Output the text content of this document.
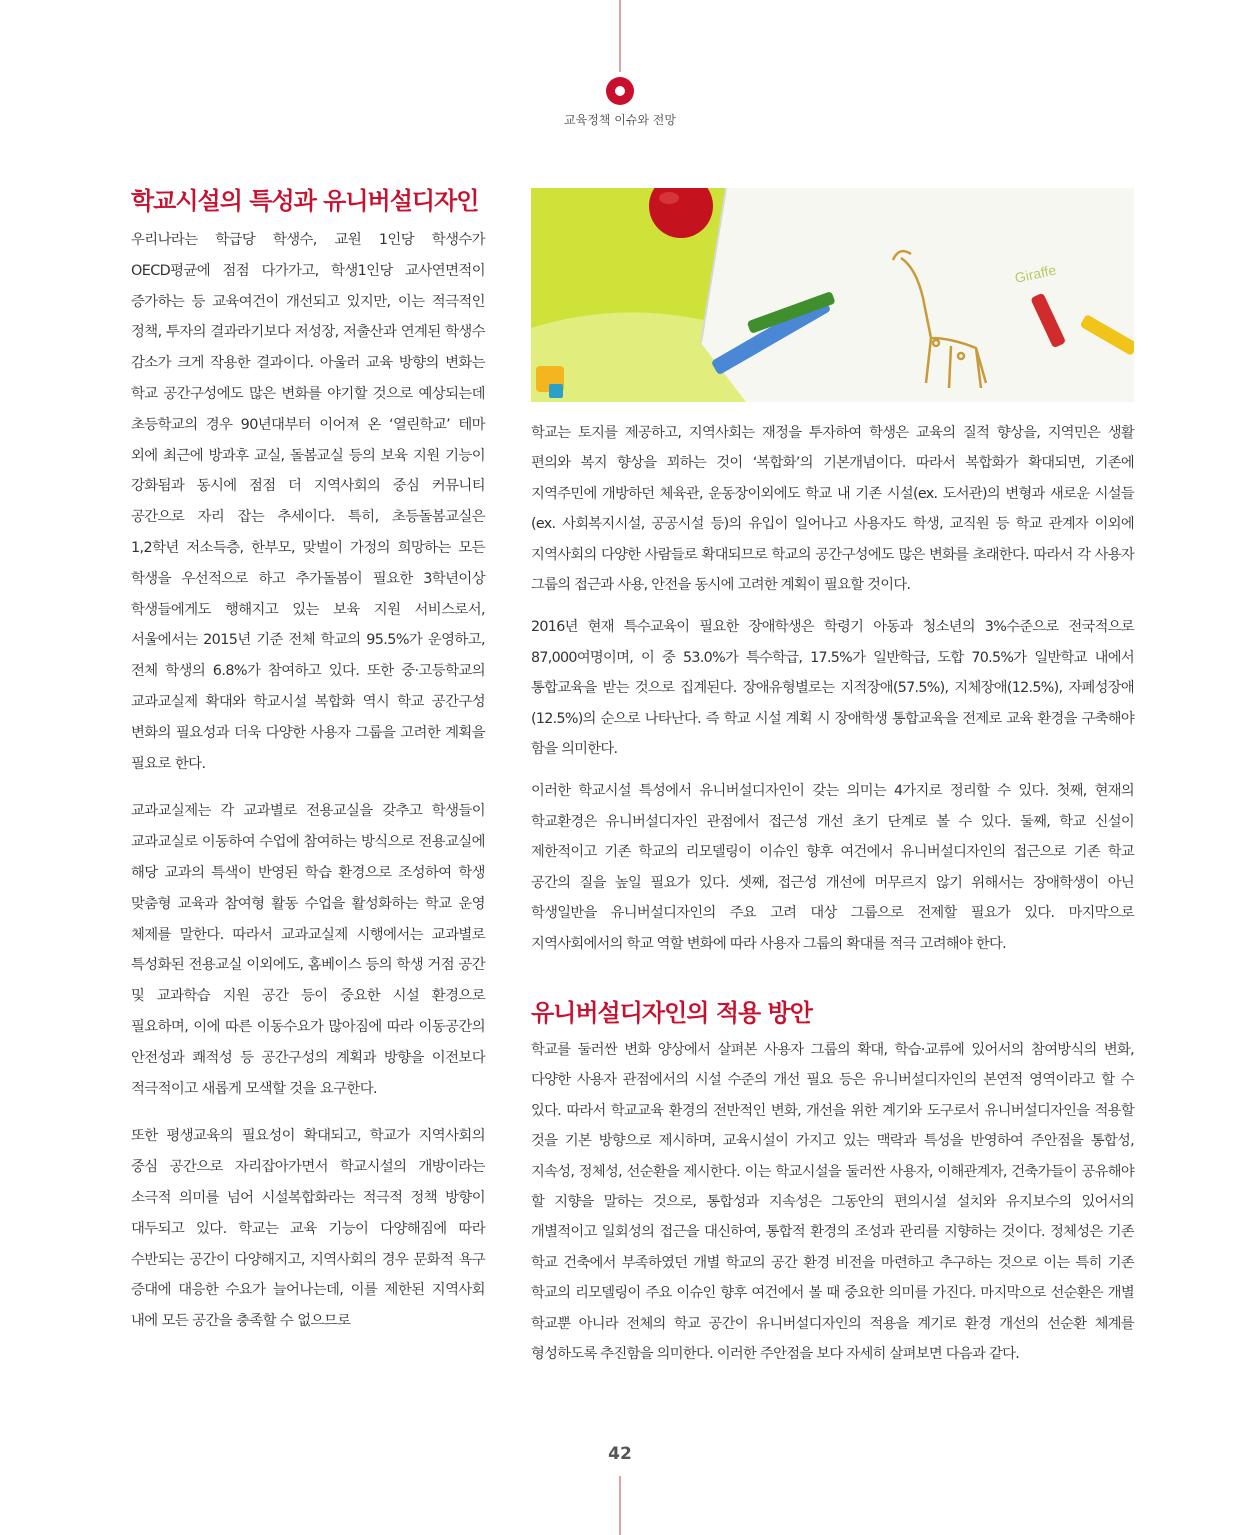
교육정책 이슈와 전망
학교시설의 특성과 유니버설디자인

우리나라는 학급당 학생수, 교원 1인당 학생수가 OECD평균에 점점 다가가고, 학생1인당 교사연면적이 증가하는 등 교육여건이 개선되고 있지만, 이는 적극적인 정책, 투자의 결과라기보다 저성장, 저출산과 연계된 학생수 감소가 크게 작용한 결과이다. 아울러 교육 방향의 변화는 학교 공간구성에도 많은 변화를 야기할 것으로 예상되는데 초등학교의 경우 90년대부터 이어져 온 ‘열린학교’ 테마 외에 최근에 방과후 교실, 돌봄교실 등의 보육 지원 기능이 강화됨과 동시에 점점 더 지역사회의 중심 커뮤니티 공간으로 자리 잡는 추세이다. 특히, 초등돌봄교실은 1,2학년 저소득층, 한부모, 맞벌이 가정의 희망하는 모든 학생을 우선적으로 하고 추가돌봄이 필요한 3학년이상 학생들에게도 행해지고 있는 보육 지원 서비스로서, 서울에서는 2015년 기준 전체 학교의 95.5%가 운영하고, 전체 학생의 6.8%가 참여하고 있다. 또한 중·고등학교의 교과교실제 확대와 학교시설 복합화 역시 학교 공간구성 변화의 필요성과 더욱 다양한 사용자 그룹을 고려한 계획을 필요로 한다.

교과교실제는 각 교과별로 전용교실을 갖추고 학생들이 교과교실로 이동하여 수업에 참여하는 방식으로 전용교실에 해당 교과의 특색이 반영된 학습 환경으로 조성하여 학생 맞춤형 교육과 참여형 활동 수업을 활성화하는 학교 운영 체제를 말한다. 따라서 교과교실제 시행에서는 교과별로 특성화된 전용교실 이외에도, 홈베이스 등의 학생 거점 공간 및 교과학습 지원 공간 등이 중요한 시설 환경으로 필요하며, 이에 따른 이동수요가 많아짐에 따라 이동공간의 안전성과 쾌적성 등 공간구성의 계획과 방향을 이전보다 적극적이고 새롭게 모색할 것을 요구한다.

또한 평생교육의 필요성이 확대되고, 학교가 지역사회의 중심 공간으로 자리잡아가면서 학교시설의 개방이라는 소극적 의미를 넘어 시설복합화라는 적극적 정책 방향이 대두되고 있다. 학교는 교육 기능이 다양해짐에 따라 수반되는 공간이 다양해지고, 지역사회의 경우 문화적 욕구 증대에 대응한 수요가 늘어나는데, 이를 제한된 지역사회 내에 모든 공간을 충족할 수 없으므로

Giraffe

학교는 토지를 제공하고, 지역사회는 재정을 투자하여 학생은 교육의 질적 향상을, 지역민은 생활 편의와 복지 향상을 꾀하는 것이 ‘복합화’의 기본개념이다. 따라서 복합화가 확대되면, 기존에 지역주민에 개방하던 체육관, 운동장이외에도 학교 내 기존 시설(ex. 도서관)의 변형과 새로운 시설들(ex. 사회복지시설, 공공시설 등)의 유입이 일어나고 사용자도 학생, 교직원 등 학교 관계자 이외에 지역사회의 다양한 사람들로 확대되므로 학교의 공간구성에도 많은 변화를 초래한다. 따라서 각 사용자 그룹의 접근과 사용, 안전을 동시에 고려한 계획이 필요할 것이다.

2016년 현재 특수교육이 필요한 장애학생은 학령기 아동과 청소년의 3%수준으로 전국적으로 87,000여명이며, 이 중 53.0%가 특수학급, 17.5%가 일반학급, 도합 70.5%가 일반학교 내에서 통합교육을 받는 것으로 집계된다. 장애유형별로는 지적장애(57.5%), 지체장애(12.5%), 자폐성장애(12.5%)의 순으로 나타난다. 즉 학교 시설 계획 시 장애학생 통합교육을 전제로 교육 환경을 구축해야 함을 의미한다.

이러한 학교시설 특성에서 유니버설디자인이 갖는 의미는 4가지로 정리할 수 있다. 첫째, 현재의 학교환경은 유니버설디자인 관점에서 접근성 개선 초기 단계로 볼 수 있다. 둘째, 학교 신설이 제한적이고 기존 학교의 리모델링이 이슈인 향후 여건에서 유니버설디자인의 접근으로 기존 학교 공간의 질을 높일 필요가 있다. 셋째, 접근성 개선에 머무르지 않기 위해서는 장애학생이 아닌 학생일반을 유니버설디자인의 주요 고려 대상 그룹으로 전제할 필요가 있다. 마지막으로 지역사회에서의 학교 역할 변화에 따라 사용자 그룹의 확대를 적극 고려해야 한다.

유니버설디자인의 적용 방안

학교를 둘러싼 변화 양상에서 살펴본 사용자 그룹의 확대, 학습·교류에 있어서의 참여방식의 변화, 다양한 사용자 관점에서의 시설 수준의 개선 필요 등은 유니버설디자인의 본연적 영역이라고 할 수 있다. 따라서 학교교육 환경의 전반적인 변화, 개선을 위한 계기와 도구로서 유니버설디자인을 적용할 것을 기본 방향으로 제시하며, 교육시설이 가지고 있는 맥락과 특성을 반영하여 주안점을 통합성, 지속성, 정체성, 선순환을 제시한다. 이는 학교시설을 둘러싼 사용자, 이해관계자, 건축가들이 공유해야 할 지향을 말하는 것으로, 통합성과 지속성은 그동안의 편의시설 설치와 유지보수의 있어서의 개별적이고 일회성의 접근을 대신하여, 통합적 환경의 조성과 관리를 지향하는 것이다. 정체성은 기존 학교 건축에서 부족하였던 개별 학교의 공간 환경 비전을 마련하고 추구하는 것으로 이는 특히 기존 학교의 리모델링이 주요 이슈인 향후 여건에서 볼 때 중요한 의미를 가진다. 마지막으로 선순환은 개별 학교뿐 아니라 전체의 학교 공간이 유니버설디자인의 적용을 계기로 환경 개선의 선순환 체계를 형성하도록 추진함을 의미한다. 이러한 주안점을 보다 자세히 살펴보면 다음과 같다.

42
